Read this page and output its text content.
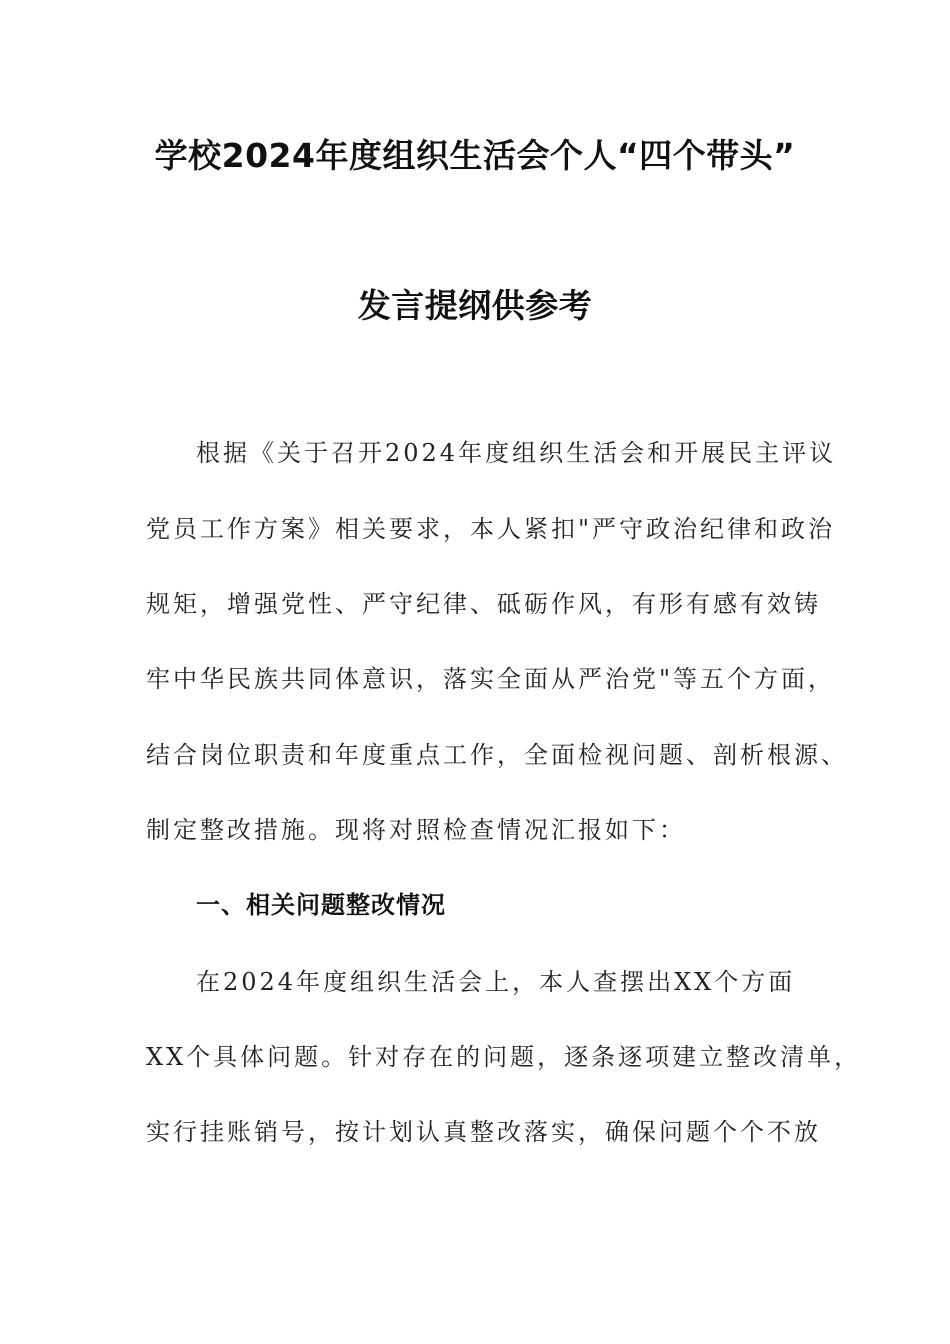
学校2024年度组织生活会个人“四个带头”
发言提纲供参考
根据《关于召开2024年度组织生活会和开展民主评议
党员工作方案》相关要求，本人紧扣"严守政治纪律和政治
规矩，增强党性、严守纪律、砥砺作风，有形有感有效铸
牢中华民族共同体意识，落实全面从严治党"等五个方面，
结合岗位职责和年度重点工作，全面检视问题、剖析根源、
制定整改措施。现将对照检查情况汇报如下：
一、相关问题整改情况
在2024年度组织生活会上，本人查摆出XX个方面
XX个具体问题。针对存在的问题，逐条逐项建立整改清单，
实行挂账销号，按计划认真整改落实，确保问题个个不放
